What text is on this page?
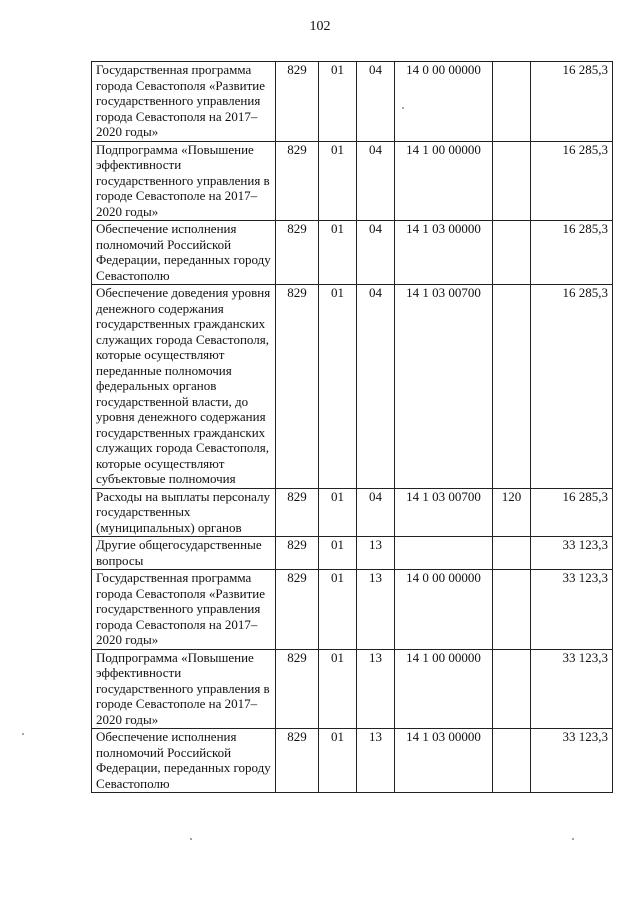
102
Государственная программа города Севастополя «Развитие государственного управления города Севастополя на 2017–2020 годы»	829	01	04	14 0 00 00000		16 285,3
Подпрограмма «Повышение эффективности государственного управления в городе Севастополе на 2017–2020 годы»	829	01	04	14 1 00 00000		16 285,3
Обеспечение исполнения полномочий Российской Федерации, переданных городу Севастополю	829	01	04	14 1 03 00000		16 285,3
Обеспечение доведения уровня денежного содержания государственных гражданских служащих города Севастополя, которые осуществляют переданные полномочия федеральных органов государственной власти, до уровня денежного содержания государственных гражданских служащих города Севастополя, которые осуществляют субъектовые полномочия	829	01	04	14 1 03 00700		16 285,3
Расходы на выплаты персоналу государственных (муниципальных) органов	829	01	04	14 1 03 00700	120	16 285,3
Другие общегосударственные вопросы	829	01	13			33 123,3
Государственная программа города Севастополя «Развитие государственного управления города Севастополя на 2017–2020 годы»	829	01	13	14 0 00 00000		33 123,3
Подпрограмма «Повышение эффективности государственного управления в городе Севастополе на 2017–2020 годы»	829	01	13	14 1 00 00000		33 123,3
Обеспечение исполнения полномочий Российской Федерации, переданных городу Севастополю	829	01	13	14 1 03 00000		33 123,3
